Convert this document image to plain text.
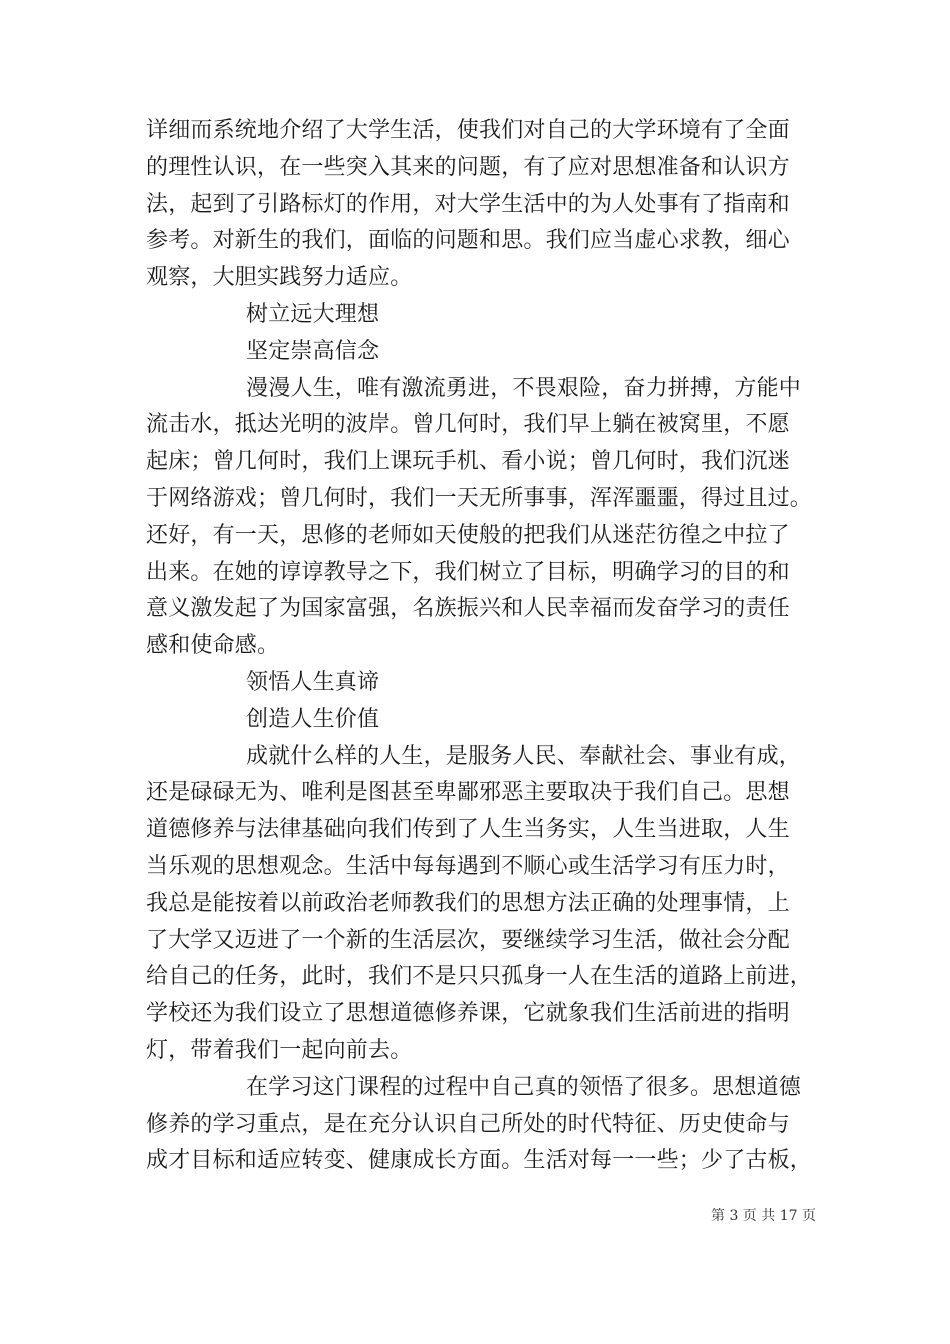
详细而系统地介绍了大学生活，使我们对自己的大学环境有了全面
的理性认识，在一些突入其来的问题，有了应对思想准备和认识方
法，起到了引路标灯的作用，对大学生活中的为人处事有了指南和
参考。对新生的我们，面临的问题和思。我们应当虚心求教，细心
观察，大胆实践努力适应。
树立远大理想
坚定崇高信念
漫漫人生，唯有激流勇进，不畏艰险，奋力拼搏，方能中
流击水，抵达光明的波岸。曾几何时，我们早上躺在被窝里，不愿
起床；曾几何时，我们上课玩手机、看小说；曾几何时，我们沉迷
于网络游戏；曾几何时，我们一天无所事事，浑浑噩噩，得过且过。
还好，有一天，思修的老师如天使般的把我们从迷茫彷徨之中拉了
出来。在她的谆谆教导之下，我们树立了目标，明确学习的目的和
意义激发起了为国家富强，名族振兴和人民幸福而发奋学习的责任
感和使命感。
领悟人生真谛
创造人生价值
成就什么样的人生，是服务人民、奉献社会、事业有成，
还是碌碌无为、唯利是图甚至卑鄙邪恶主要取决于我们自己。思想
道德修养与法律基础向我们传到了人生当务实，人生当进取，人生
当乐观的思想观念。生活中每每遇到不顺心或生活学习有压力时，
我总是能按着以前政治老师教我们的思想方法正确的处理事情，上
了大学又迈进了一个新的生活层次，要继续学习生活，做社会分配
给自己的任务，此时，我们不是只只孤身一人在生活的道路上前进，
学校还为我们设立了思想道德修养课，它就象我们生活前进的指明
灯，带着我们一起向前去。
在学习这门课程的过程中自己真的领悟了很多。思想道德
修养的学习重点，是在充分认识自己所处的时代特征、历史使命与
成才目标和适应转变、健康成长方面。生活对每一一些；少了古板，
第 3 页 共 17 页
